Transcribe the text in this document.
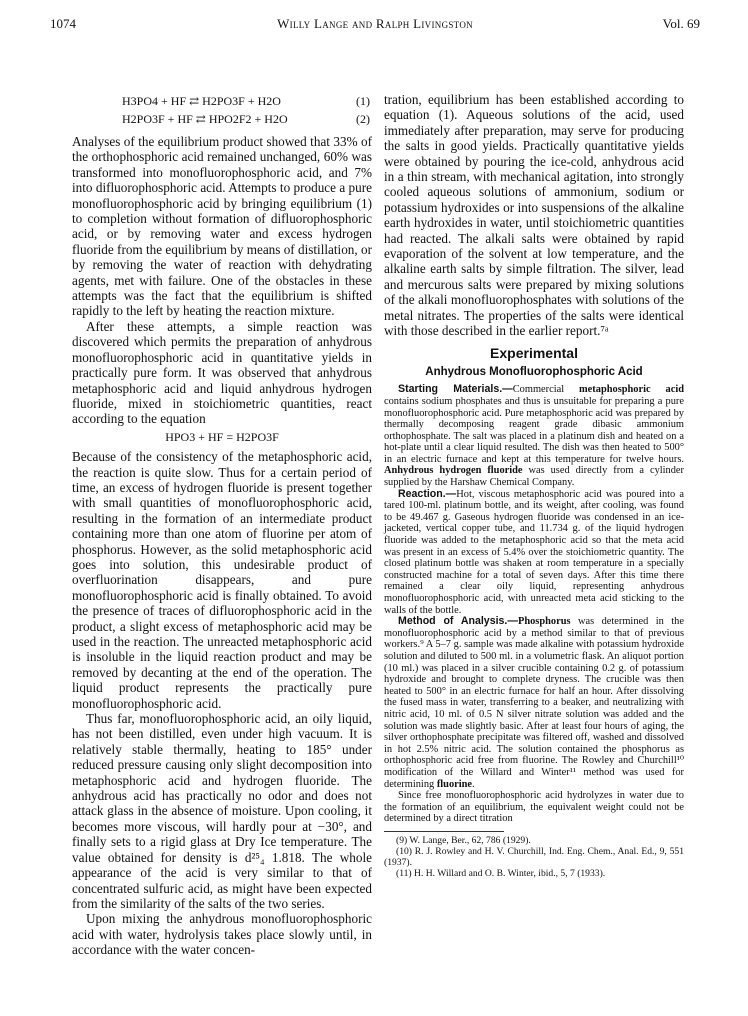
1074	Willy Lange and Ralph Livingston	Vol. 69
H3PO4 + HF ⇄ H2PO3F + H2O	(1)
H2PO3F + HF ⇄ HPO2F2 + H2O	(2)

Analyses of the equilibrium product showed that 33% of the orthophosphoric acid remained unchanged, 60% was transformed into monofluorophosphoric acid, and 7% into difluorophosphoric acid. Attempts to produce a pure monofluorophosphoric acid by bringing equilibrium (1) to completion without formation of difluorophosphoric acid, or by removing water and excess hydrogen fluoride from the equilibrium by means of distillation, or by removing the water of reaction with dehydrating agents, met with failure. One of the obstacles in these attempts was the fact that the equilibrium is shifted rapidly to the left by heating the reaction mixture.

After these attempts, a simple reaction was discovered which permits the preparation of anhydrous monofluorophosphoric acid in quantitative yields in practically pure form. It was observed that anhydrous metaphosphoric acid and liquid anhydrous hydrogen fluoride, mixed in stoichiometric quantities, react according to the equation

HPO3 + HF = H2PO3F

Because of the consistency of the metaphosphoric acid, the reaction is quite slow. Thus for a certain period of time, an excess of hydrogen fluoride is present together with small quantities of monofluorophosphoric acid, resulting in the formation of an intermediate product containing more than one atom of fluorine per atom of phosphorus. However, as the solid metaphosphoric acid goes into solution, this undesirable product of overfluorination disappears, and pure monofluorophosphoric acid is finally obtained. To avoid the presence of traces of difluorophosphoric acid in the product, a slight excess of metaphosphoric acid may be used in the reaction. The unreacted metaphosphoric acid is insoluble in the liquid reaction product and may be removed by decanting at the end of the operation. The liquid product represents the practically pure monofluorophosphoric acid.

Thus far, monofluorophosphoric acid, an oily liquid, has not been distilled, even under high vacuum. It is relatively stable thermally, heating to 185° under reduced pressure causing only slight decomposition into metaphosphoric acid and hydrogen fluoride. The anhydrous acid has practically no odor and does not attack glass in the absence of moisture. Upon cooling, it becomes more viscous, will hardly pour at −30°, and finally sets to a rigid glass at Dry Ice temperature. The value obtained for density is d²⁵₄ 1.818. The whole appearance of the acid is very similar to that of concentrated sulfuric acid, as might have been expected from the similarity of the salts of the two series.

Upon mixing the anhydrous monofluorophosphoric acid with water, hydrolysis takes place slowly until, in accordance with the water concen-

tration, equilibrium has been established according to equation (1). Aqueous solutions of the acid, used immediately after preparation, may serve for producing the salts in good yields. Practically quantitative yields were obtained by pouring the ice-cold, anhydrous acid in a thin stream, with mechanical agitation, into strongly cooled aqueous solutions of ammonium, sodium or potassium hydroxides or into suspensions of the alkaline earth hydroxides in water, until stoichiometric quantities had reacted. The alkali salts were obtained by rapid evaporation of the solvent at low temperature, and the alkaline earth salts by simple filtration. The silver, lead and mercurous salts were prepared by mixing solutions of the alkali monofluorophosphates with solutions of the metal nitrates. The properties of the salts were identical with those described in the earlier report.⁷ᵃ

Experimental
Anhydrous Monofluorophosphoric Acid

Starting Materials.—Commercial metaphosphoric acid contains sodium phosphates and thus is unsuitable for preparing a pure monofluorophosphoric acid. Pure metaphosphoric acid was prepared by thermally decomposing reagent grade dibasic ammonium orthophosphate. The salt was placed in a platinum dish and heated on a hot-plate until a clear liquid resulted. The dish was then heated to 500° in an electric furnace and kept at this temperature for twelve hours. Anhydrous hydrogen fluoride was used directly from a cylinder supplied by the Harshaw Chemical Company.

Reaction.—Hot, viscous metaphosphoric acid was poured into a tared 100-ml. platinum bottle, and its weight, after cooling, was found to be 49.467 g. Gaseous hydrogen fluoride was condensed in an ice-jacketed, vertical copper tube, and 11.734 g. of the liquid hydrogen fluoride was added to the metaphosphoric acid so that the meta acid was present in an excess of 5.4% over the stoichiometric quantity. The closed platinum bottle was shaken at room temperature in a specially constructed machine for a total of seven days. After this time there remained a clear oily liquid, representing anhydrous monofluorophosphoric acid, with unreacted meta acid sticking to the walls of the bottle.

Method of Analysis.—Phosphorus was determined in the monofluorophosphoric acid by a method similar to that of previous workers.⁹ A 5–7 g. sample was made alkaline with potassium hydroxide solution and diluted to 500 ml. in a volumetric flask. An aliquot portion (10 ml.) was placed in a silver crucible containing 0.2 g. of potassium hydroxide and brought to complete dryness. The crucible was then heated to 500° in an electric furnace for half an hour. After dissolving the fused mass in water, transferring to a beaker, and neutralizing with nitric acid, 10 ml. of 0.5 N silver nitrate solution was added and the solution was made slightly basic. After at least four hours of aging, the silver orthophosphate precipitate was filtered off, washed and dissolved in hot 2.5% nitric acid. The solution contained the phosphorus as orthophosphoric acid free from fluorine. The Rowley and Churchill¹⁰ modification of the Willard and Winter¹¹ method was used for determining fluorine.

Since free monofluorophosphoric acid hydrolyzes in water due to the formation of an equilibrium, the equivalent weight could not be determined by a direct titration

(9) W. Lange, Ber., 62, 786 (1929).

(10) R. J. Rowley and H. V. Churchill, Ind. Eng. Chem., Anal. Ed., 9, 551 (1937).

(11) H. H. Willard and O. B. Winter, ibid., 5, 7 (1933).
